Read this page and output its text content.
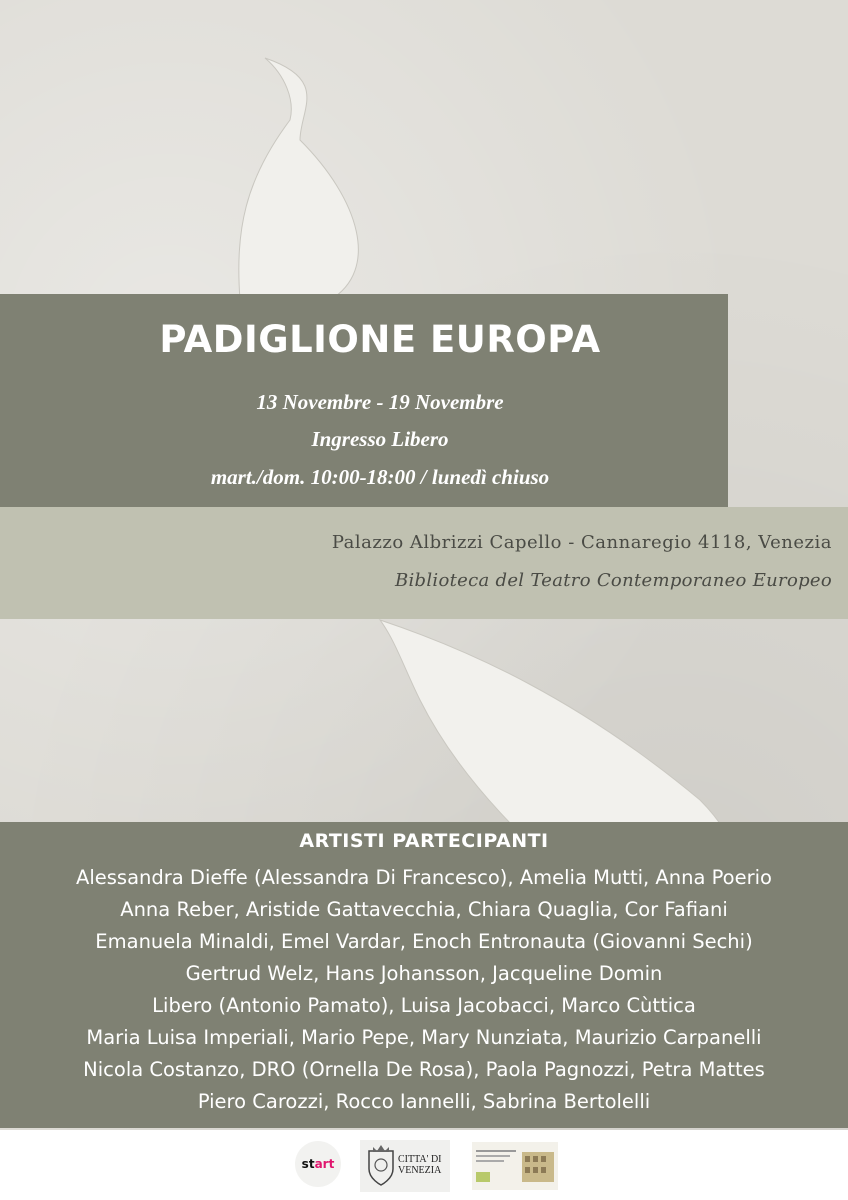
PADIGLIONE EUROPA
13 Novembre - 19 Novembre
Ingresso Libero
mart./dom. 10:00-18:00 / lunedì chiuso
Palazzo Albrizzi Capello - Cannaregio 4118, Venezia
Biblioteca del Teatro Contemporaneo Europeo
ARTISTI PARTECIPANTI
Alessandra Dieffe (Alessandra Di Francesco), Amelia Mutti, Anna Poerio
Anna Reber, Aristide Gattavecchia, Chiara Quaglia, Cor Fafiani
Emanuela Minaldi, Emel Vardar, Enoch Entronauta (Giovanni Sechi)
Gertrud Welz, Hans Johansson, Jacqueline Domin
Libero (Antonio Pamato), Luisa Jacobacci, Marco Cùttica
Maria Luisa Imperiali, Mario Pepe, Mary Nunziata, Maurizio Carpanelli
Nicola Costanzo, DRO (Ornella De Rosa), Paola Pagnozzi, Petra Mattes
Piero Carozzi, Rocco Iannelli, Sabrina Bertolelli
st art	CITTA' DI
VENEZIA
